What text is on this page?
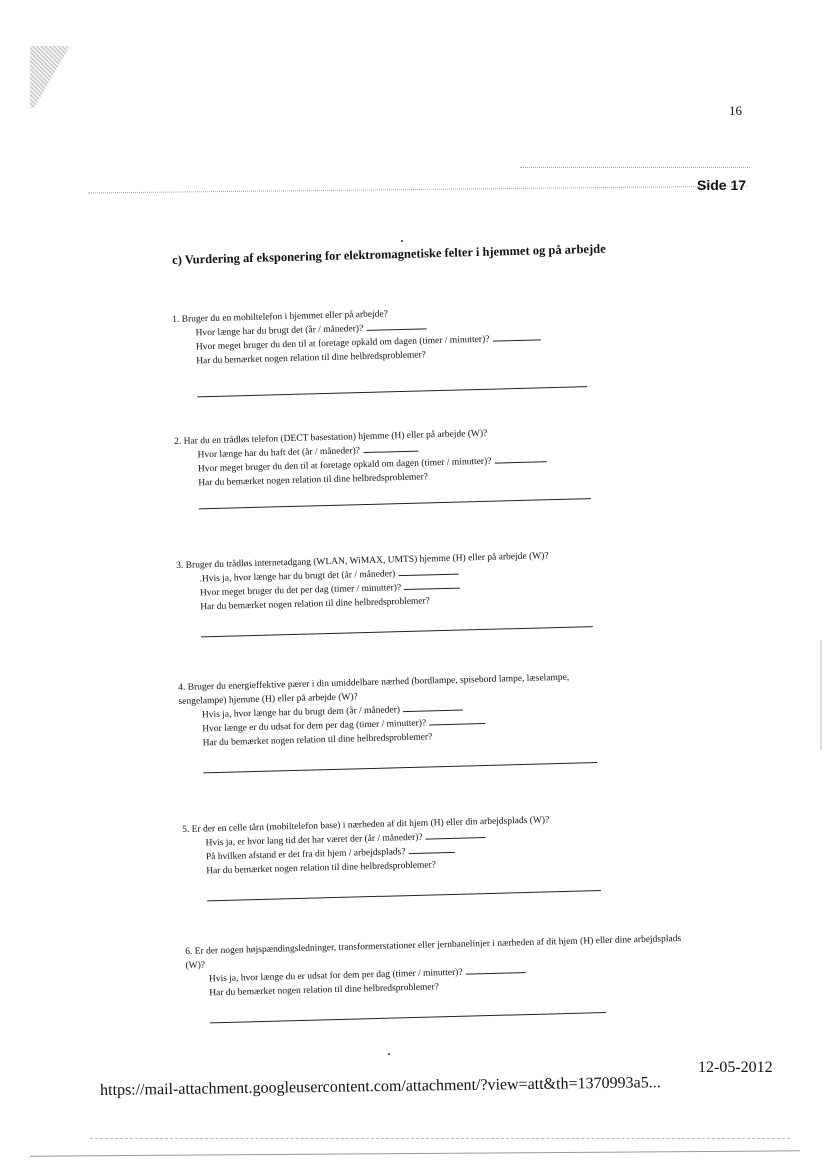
16
Side 17
c) Vurdering af eksponering for elektromagnetiske felter i hjemmet og på arbejde
1. Bruger du en mobiltelefon i hjemmet eller på arbejde?
Hvor længe har du brugt det (år / måneder)?
Hvor meget bruger du den til at foretage opkald om dagen (timer / minutter)?
Har du bemærket nogen relation til dine helbredsproblemer?
2. Har du en trådløs telefon (DECT basestation) hjemme (H) eller på arbejde (W)?
Hvor længe har du haft det (år / måneder)?
Hvor meget bruger du den til at foretage opkald om dagen (timer / minutter)?
Har du bemærket nogen relation til dine helbredsproblemer?
3. Bruger du trådløs internetadgang (WLAN, WiMAX, UMTS) hjemme (H) eller på arbejde (W)?
.Hvis ja, hvor længe har du brugt det (år / måneder)
Hvor meget bruger du det per dag (timer / minutter)?
Har du bemærket nogen relation til dine helbredsproblemer?
4. Bruger du energieffektive pærer i din umiddelbare nærhed (bordlampe, spisebord lampe, læselampe, sengelampe) hjemme (H) eller på arbejde (W)?
Hvis ja, hvor længe har du brugt dem (år / måneder)
Hvor længe er du udsat for dem per dag (timer / minutter)?
Har du bemærket nogen relation til dine helbredsproblemer?
5. Er der en celle tårn (mobiltelefon base) i nærheden af dit hjem (H) eller din arbejdsplads (W)?
Hvis ja, er hvor lang tid det har været der (år / måneder)?
På hvilken afstand er det fra dit hjem / arbejdsplads?
Har du bemærket nogen relation til dine helbredsproblemer?
6. Er der nogen højspændingsledninger, transformerstationer eller jernbanelinjer i nærheden af dit hjem (H) eller dine arbejdsplads (W)?
Hvis ja, hvor længe du er udsat for dem per dag (timer / minutter)?
Har du bemærket nogen relation til dine helbredsproblemer?
https://mail-attachment.googleusercontent.com/attachment/?view=att&th=1370993a5...
12-05-2012
